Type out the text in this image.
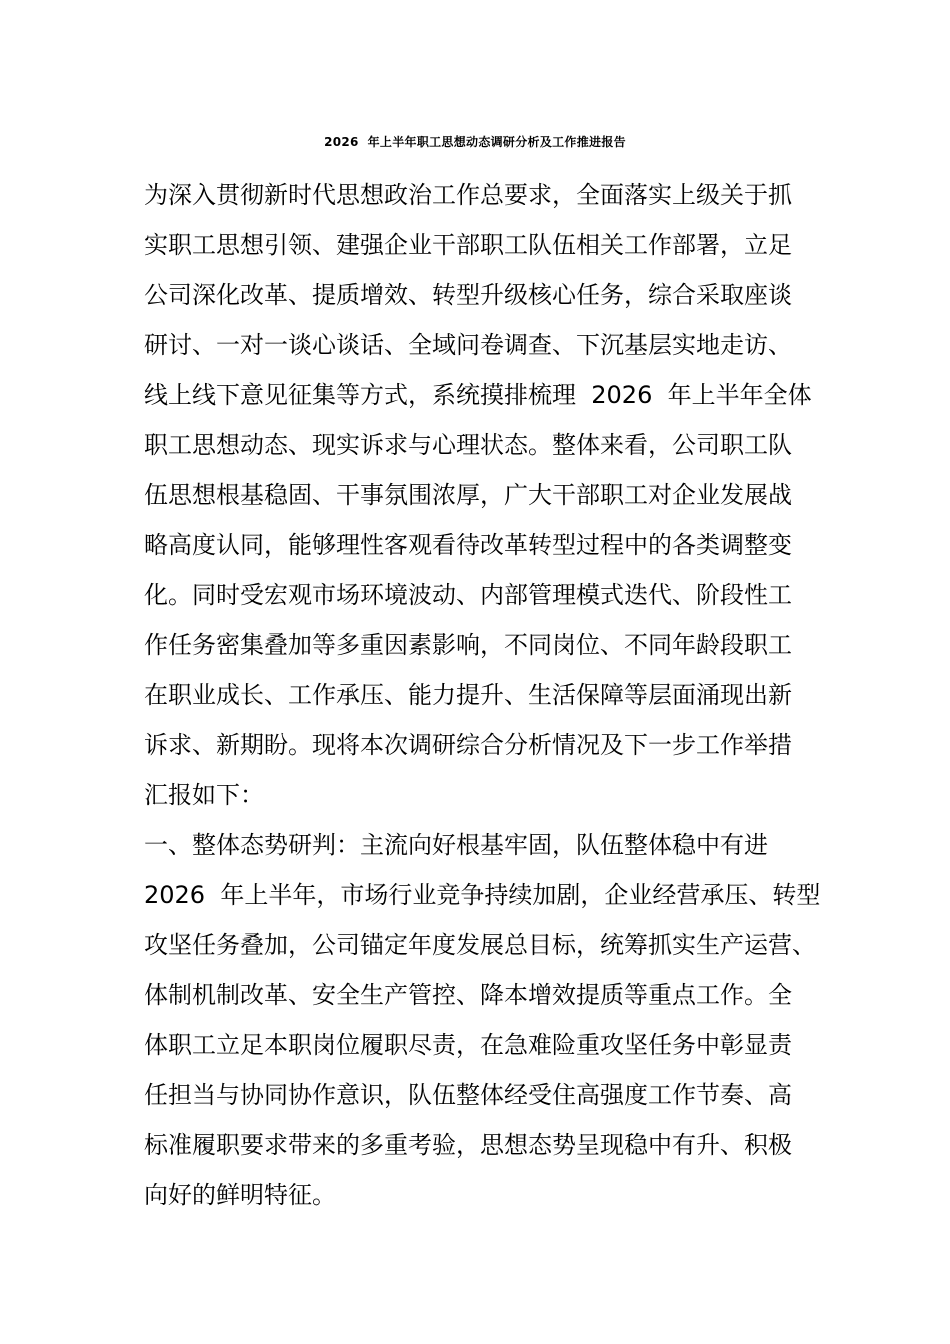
2026  年上半年职工思想动态调研分析及工作推进报告
为深入贯彻新时代思想政治工作总要求，全面落实上级关于抓
实职工思想引领、建强企业干部职工队伍相关工作部署，立足
公司深化改革、提质增效、转型升级核心任务，综合采取座谈
研讨、一对一谈心谈话、全域问卷调查、下沉基层实地走访、
线上线下意见征集等方式，系统摸排梳理  2026  年上半年全体
职工思想动态、现实诉求与心理状态。整体来看，公司职工队
伍思想根基稳固、干事氛围浓厚，广大干部职工对企业发展战
略高度认同，能够理性客观看待改革转型过程中的各类调整变
化。同时受宏观市场环境波动、内部管理模式迭代、阶段性工
作任务密集叠加等多重因素影响，不同岗位、不同年龄段职工
在职业成长、工作承压、能力提升、生活保障等层面涌现出新
诉求、新期盼。现将本次调研综合分析情况及下一步工作举措
汇报如下：
一、整体态势研判：主流向好根基牢固，队伍整体稳中有进
2026  年上半年，市场行业竞争持续加剧，企业经营承压、转型
攻坚任务叠加，公司锚定年度发展总目标，统筹抓实生产运营、
体制机制改革、安全生产管控、降本增效提质等重点工作。全
体职工立足本职岗位履职尽责，在急难险重攻坚任务中彰显责
任担当与协同协作意识，队伍整体经受住高强度工作节奏、高
标准履职要求带来的多重考验，思想态势呈现稳中有升、积极
向好的鲜明特征。
